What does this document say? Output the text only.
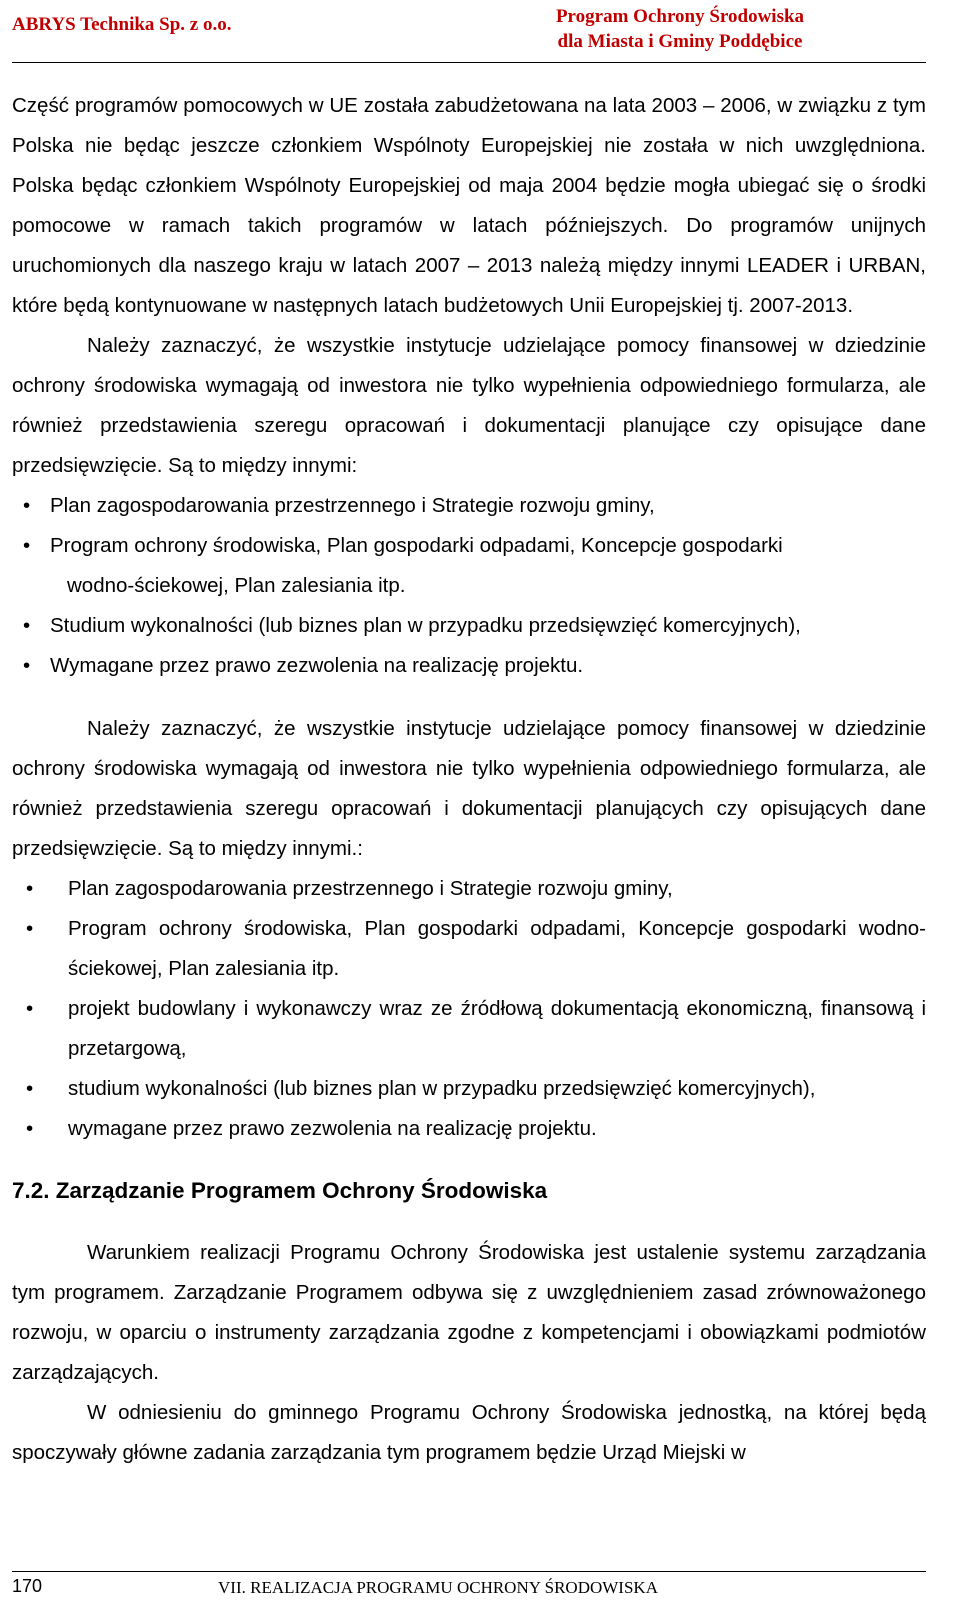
ABRYS Technika Sp. z o.o.	Program Ochrony Środowiska
dla Miasta i Gminy Poddębice

Część programów pomocowych w UE została zabudżetowana na lata 2003 – 2006, w związku z tym Polska nie będąc jeszcze członkiem Wspólnoty Europejskiej nie została w nich uwzględniona. Polska będąc członkiem Wspólnoty Europejskiej od maja 2004 będzie mogła ubiegać się o środki pomocowe w ramach takich programów w latach późniejszych. Do programów unijnych uruchomionych dla naszego kraju w latach 2007 – 2013 należą między innymi LEADER i URBAN, które będą kontynuowane w następnych latach budżetowych Unii Europejskiej tj. 2007-2013.

Należy zaznaczyć, że wszystkie instytucje udzielające pomocy finansowej w dziedzinie ochrony środowiska wymagają od inwestora nie tylko wypełnienia odpowiedniego formularza, ale również przedstawienia szeregu opracowań i dokumentacji planujące czy opisujące dane przedsięwzięcie. Są to między innymi:

• Plan zagospodarowania przestrzennego i Strategie rozwoju gminy,
• Program ochrony środowiska, Plan gospodarki odpadami, Koncepcje gospodarki
wodno-ściekowej, Plan zalesiania itp.
• Studium wykonalności (lub biznes plan w przypadku przedsięwzięć komercyjnych),
• Wymagane przez prawo zezwolenia na realizację projektu.

Należy zaznaczyć, że wszystkie instytucje udzielające pomocy finansowej w dziedzinie ochrony środowiska wymagają od inwestora nie tylko wypełnienia odpowiedniego formularza, ale również przedstawienia szeregu opracowań i dokumentacji planujących czy opisujących dane przedsięwzięcie. Są to między innymi.:

• Plan zagospodarowania przestrzennego i Strategie rozwoju gminy,
• Program ochrony środowiska, Plan gospodarki odpadami, Koncepcje gospodarki wodno-ściekowej, Plan zalesiania itp.
• projekt budowlany i wykonawczy wraz ze źródłową dokumentacją ekonomiczną, finansową i przetargową,
• studium wykonalności (lub biznes plan w przypadku przedsięwzięć komercyjnych),
• wymagane przez prawo zezwolenia na realizację projektu.
7.2. Zarządzanie Programem Ochrony Środowiska

Warunkiem realizacji Programu Ochrony Środowiska jest ustalenie systemu zarządzania tym programem. Zarządzanie Programem odbywa się z uwzględnieniem zasad zrównoważonego rozwoju, w oparciu o instrumenty zarządzania zgodne z kompetencjami i obowiązkami podmiotów zarządzających.

W odniesieniu do gminnego Programu Ochrony Środowiska jednostką, na której będą spoczywały główne zadania zarządzania tym programem będzie Urząd Miejski w

170	VII. REALIZACJA PROGRAMU OCHRONY ŚRODOWISKA
